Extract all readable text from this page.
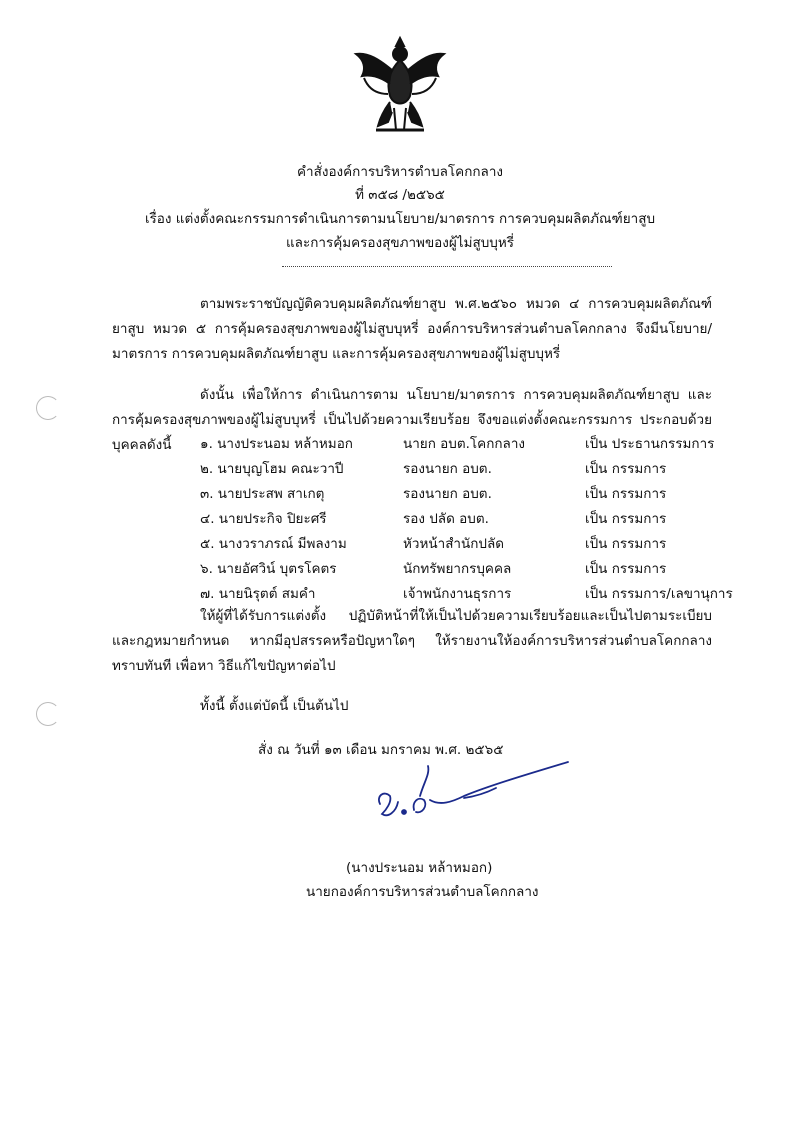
คำสั่งองค์การบริหารตำบลโคกกลาง
ที่ ๓๕๘ /๒๕๖๕
เรื่อง แต่งตั้งคณะกรรมการดำเนินการตามนโยบาย/มาตรการ การควบคุมผลิตภัณฑ์ยาสูบ
และการคุ้มครองสุขภาพของผู้ไม่สูบบุหรี่
ตามพระราชบัญญัติควบคุมผลิตภัณฑ์ยาสูบ พ.ศ.๒๕๖๐ หมวด ๔ การควบคุมผลิตภัณฑ์ยาสูบ หมวด ๕ การคุ้มครองสุขภาพของผู้ไม่สูบบุหรี่ องค์การบริหารส่วนตำบลโคกกลาง จึงมีนโยบาย/มาตรการ การควบคุมผลิตภัณฑ์ยาสูบ และการคุ้มครองสุขภาพของผู้ไม่สูบบุหรี่
ดังนั้น เพื่อให้การ ดำเนินการตาม นโยบาย/มาตรการ การควบคุมผลิตภัณฑ์ยาสูบ และการคุ้มครองสุขภาพของผู้ไม่สูบบุหรี่ เป็นไปด้วยความเรียบร้อย จึงขอแต่งตั้งคณะกรรมการ ประกอบด้วยบุคคลดังนี้	๑. นางประนอม หล้าหมอก	นายก อบต.โคกกลาง	เป็น ประธานกรรมการ
๒. นายบุญโฮม คณะวาปี	รองนายก อบต.	เป็น กรรมการ
๓. นายประสพ สาเกตุ	รองนายก อบต.	เป็น กรรมการ
๔. นายประกิจ ปิยะศรี	รอง ปลัด อบต.	เป็น กรรมการ
๕. นางวราภรณ์ มีพลงาม	หัวหน้าสำนักปลัด	เป็น กรรมการ
๖. นายอัศวิน์ บุตรโคตร	นักทรัพยากรบุคคล	เป็น กรรมการ
๗. นายนิรุตต์ สมคำ	เจ้าพนักงานธุรการ	เป็น กรรมการ/เลขานุการ
ให้ผู้ที่ได้รับการแต่งตั้ง ปฏิบัติหน้าที่ให้เป็นไปด้วยความเรียบร้อยและเป็นไปตามระเบียบและกฎหมายกำหนด หากมีอุปสรรคหรือปัญหาใดๆ ให้รายงานให้องค์การบริหารส่วนตำบลโคกกลางทราบทันที เพื่อหา วิธีแก้ไขปัญหาต่อไป
ทั้งนี้ ตั้งแต่บัดนี้ เป็นต้นไป
สั่ง ณ วันที่ ๑๓ เดือน มกราคม พ.ศ. ๒๕๖๕
(นางประนอม หล้าหมอก)
นายกองค์การบริหารส่วนตำบลโคกกลาง
